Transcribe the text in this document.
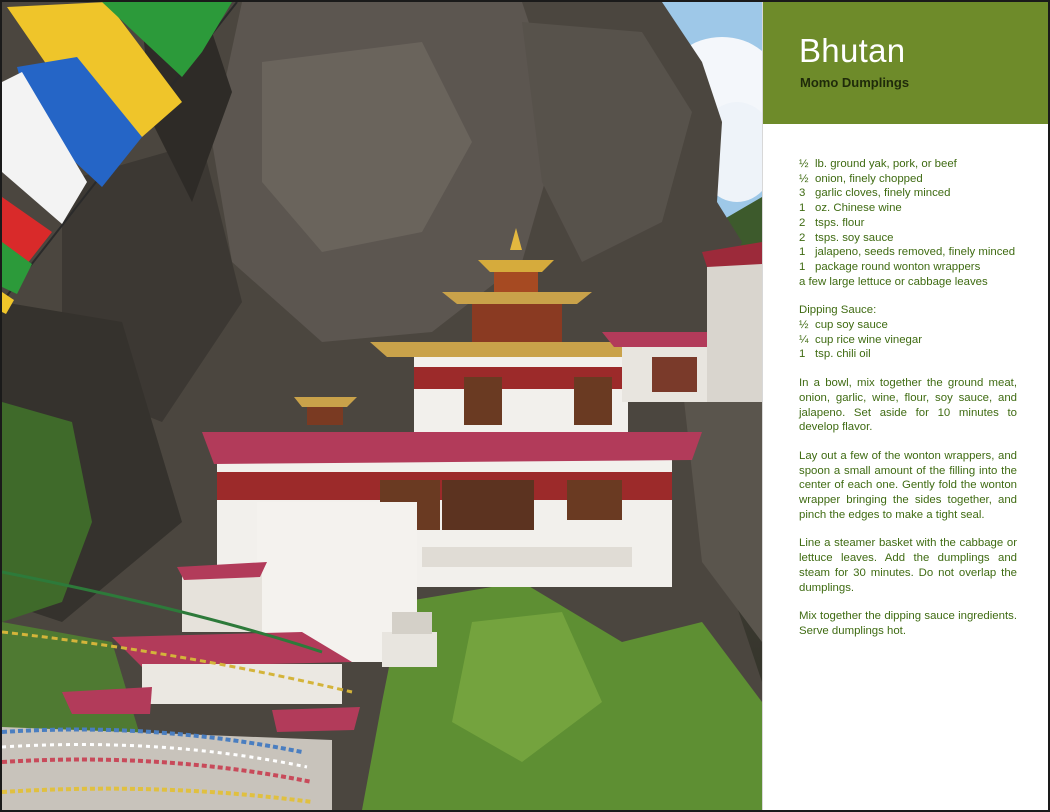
Bhutan
Momo Dumplings
½ lb. ground yak, pork, or beef
½ onion, finely chopped
3 garlic cloves, finely minced
1 oz. Chinese wine
2 tsps. flour
2 tsps. soy sauce
1 jalapeno, seeds removed, finely minced
1 package round wonton wrappers
a few large lettuce or cabbage leaves

Dipping Sauce:

½ cup soy sauce
¼ cup rice wine vinegar
1 tsp. chili oil

In a bowl, mix together the ground meat, onion, garlic, wine, flour, soy sauce, and jalapeno. Set aside for 10 minutes to develop flavor.

Lay out a few of the wonton wrappers, and spoon a small amount of the filling into the center of each one. Gently fold the wonton wrapper bringing the sides together, and pinch the edges to make a tight seal.

Line a steamer basket with the cabbage or lettuce leaves. Add the dumplings and steam for 30 minutes. Do not overlap the dumplings.

Mix together the dipping sauce ingredients. Serve dumplings hot.
